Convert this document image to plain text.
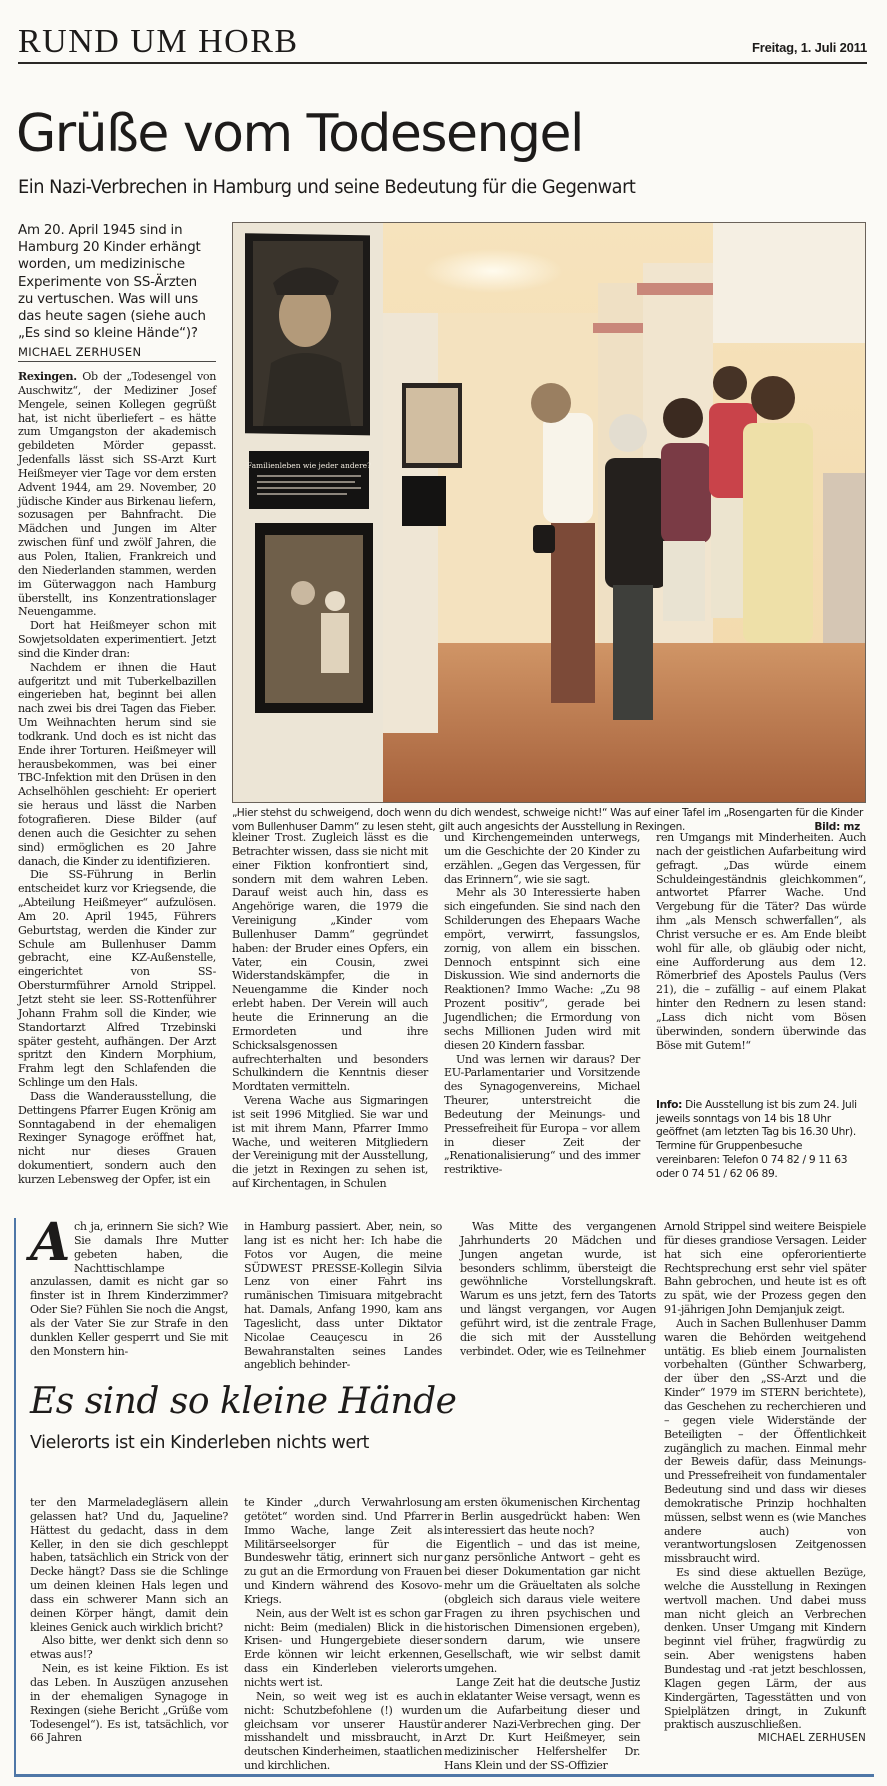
RUND UM HORB	Freitag, 1. Juli 2011
Grüße vom Todesengel
Ein Nazi-Verbrechen in Hamburg und seine Bedeutung für die Gegenwart
Am 20. April 1945 sind in Hamburg 20 Kinder erhängt worden, um medizinische Experimente von SS-Ärzten zu vertuschen. Was will uns das heute sagen (siehe auch „Es sind so kleine Hände“)?
MICHAEL ZERHUSEN

Rexingen. Ob der „Todesengel von Auschwitz“, der Mediziner Josef Mengele, seinen Kollegen gegrüßt hat, ist nicht überliefert – es hätte zum Umgangston der akademisch gebildeten Mörder gepasst. Jedenfalls lässt sich SS-Arzt Kurt Heißmeyer vier Tage vor dem ersten Advent 1944, am 29. November, 20 jüdische Kinder aus Birkenau liefern, sozusagen per Bahnfracht. Die Mädchen und Jungen im Alter zwischen fünf und zwölf Jahren, die aus Polen, Italien, Frankreich und den Niederlanden stammen, werden im Güterwaggon nach Hamburg überstellt, ins Konzentrationslager Neuengamme.

Dort hat Heißmeyer schon mit Sowjetsoldaten experimentiert. Jetzt sind die Kinder dran:

Nachdem er ihnen die Haut aufgeritzt und mit Tuberkelbazillen eingerieben hat, beginnt bei allen nach zwei bis drei Tagen das Fieber. Um Weihnachten herum sind sie todkrank. Und doch es ist nicht das Ende ihrer Torturen. Heißmeyer will herausbekommen, was bei einer TBC-Infektion mit den Drüsen in den Achselhöhlen geschieht: Er operiert sie heraus und lässt die Narben fotografieren. Diese Bilder (auf denen auch die Gesichter zu sehen sind) ermöglichen es 20 Jahre danach, die Kinder zu identifizieren.

Die SS-Führung in Berlin entscheidet kurz vor Kriegsende, die „Abteilung Heißmeyer“ aufzulösen. Am 20. April 1945, Führers Geburtstag, werden die Kinder zur Schule am Bullenhuser Damm gebracht, eine KZ-Außenstelle, eingerichtet von SS-Obersturmführer Arnold Strippel. Jetzt steht sie leer. SS-Rottenführer Johann Frahm soll die Kinder, wie Standortarzt Alfred Trzebinski später gesteht, aufhängen. Der Arzt spritzt den Kindern Morphium, Frahm legt den Schlafenden die Schlinge um den Hals.

Dass die Wanderausstellung, die Dettingens Pfarrer Eugen Krönig am Sonntagabend in der ehemaligen Rexinger Synagoge eröffnet hat, nicht nur dieses Grauen dokumentiert, sondern auch den kurzen Lebensweg der Opfer, ist ein

Familienleben wie jeder andere?
„Hier stehst du schweigend, doch wenn du dich wendest, schweige nicht!“ Was auf einer Tafel im „Rosengarten für die Kinder vom Bullenhuser Damm“ zu lesen steht, gilt auch angesichts der Ausstellung in Rexingen.	Bild: mz

kleiner Trost. Zugleich lässt es die Betrachter wissen, dass sie nicht mit einer Fiktion konfrontiert sind, sondern mit dem wahren Leben. Darauf weist auch hin, dass es Angehörige waren, die 1979 die Vereinigung „Kinder vom Bullenhuser Damm“ gegründet haben: der Bruder eines Opfers, ein Vater, ein Cousin, zwei Widerstandskämpfer, die in Neuengamme die Kinder noch erlebt haben. Der Verein will auch heute die Erinnerung an die Ermordeten und ihre Schicksalsgenossen aufrechterhalten und besonders Schulkindern die Kenntnis dieser Mordtaten vermitteln.

Verena Wache aus Sigmaringen ist seit 1996 Mitglied. Sie war und ist mit ihrem Mann, Pfarrer Immo Wache, und weiteren Mitgliedern der Vereinigung mit der Ausstellung, die jetzt in Rexingen zu sehen ist, auf Kirchentagen, in Schulen

und Kirchengemeinden unterwegs, um die Geschichte der 20 Kinder zu erzählen. „Gegen das Vergessen, für das Erinnern“, wie sie sagt.

Mehr als 30 Interessierte haben sich eingefunden. Sie sind nach den Schilderungen des Ehepaars Wache empört, verwirrt, fassungslos, zornig, von allem ein bisschen. Dennoch entspinnt sich eine Diskussion. Wie sind andernorts die Reaktionen? Immo Wache: „Zu 98 Prozent positiv“, gerade bei Jugendlichen; die Ermordung von sechs Millionen Juden wird mit diesen 20 Kindern fassbar.

Und was lernen wir daraus? Der EU-Parlamentarier und Vorsitzende des Synagogenvereins, Michael Theurer, unterstreicht die Bedeutung der Meinungs- und Pressefreiheit für Europa – vor allem in dieser Zeit der „Renationalisierung“ und des immer restriktive-

ren Umgangs mit Minderheiten. Auch nach der geistlichen Aufarbeitung wird gefragt. „Das würde einem Schuldeingeständnis gleichkommen“, antwortet Pfarrer Wache. Und Vergebung für die Täter? Das würde ihm „als Mensch schwerfallen“, als Christ versuche er es. Am Ende bleibt wohl für alle, ob gläubig oder nicht, eine Aufforderung aus dem 12. Römerbrief des Apostels Paulus (Vers 21), die – zufällig – auf einem Plakat hinter den Rednern zu lesen stand: „Lass dich nicht vom Bösen überwinden, sondern überwinde das Böse mit Gutem!“

Info: Die Ausstellung ist bis zum 24. Juli jeweils sonntags von 14 bis 18 Uhr geöffnet (am letzten Tag bis 16.30 Uhr). Termine für Gruppenbesuche vereinbaren: Telefon 0 74 82 / 9 11 63 oder 0 74 51 / 62 06 89.

Ach ja, erinnern Sie sich? Wie Sie damals Ihre Mutter gebeten haben, die Nachttischlampe anzulassen, damit es nicht gar so finster ist in Ihrem Kinderzimmer? Oder Sie? Fühlen Sie noch die Angst, als der Vater Sie zur Strafe in den dunklen Keller gesperrt und Sie mit den Monstern hin-

in Hamburg passiert. Aber, nein, so lang ist es nicht her: Ich habe die Fotos vor Augen, die meine SÜDWEST PRESSE-Kollegin Silvia Lenz von einer Fahrt ins rumänischen Timisuara mitgebracht hat. Damals, Anfang 1990, kam ans Tageslicht, dass unter Diktator Nicolae Ceauçescu in 26 Bewahranstalten seines Landes angeblich behinder-

Was Mitte des vergangenen Jahrhunderts 20 Mädchen und Jungen angetan wurde, ist besonders schlimm, übersteigt die gewöhnliche Vorstellungskraft. Warum es uns jetzt, fern des Tatorts und längst vergangen, vor Augen geführt wird, ist die zentrale Frage, die sich mit der Ausstellung verbindet. Oder, wie es Teilnehmer

Arnold Strippel sind weitere Beispiele für dieses grandiose Versagen. Leider hat sich eine opferorientierte Rechtsprechung erst sehr viel später Bahn gebrochen, und heute ist es oft zu spät, wie der Prozess gegen den 91-jährigen John Demjanjuk zeigt.

Auch in Sachen Bullenhuser Damm waren die Behörden weitgehend untätig. Es blieb einem Journalisten vorbehalten (Günther Schwarberg, der über den „SS-Arzt und die Kinder“ 1979 im STERN berichtete), das Geschehen zu recherchieren und – gegen viele Widerstände der Beteiligten – der Öffentlichkeit zugänglich zu machen. Einmal mehr der Beweis dafür, dass Meinungs- und Pressefreiheit von fundamentaler Bedeutung sind und dass wir dieses demokratische Prinzip hochhalten müssen, selbst wenn es (wie Manches andere auch) von verantwortungslosen Zeitgenossen missbraucht wird.

Es sind diese aktuellen Bezüge, welche die Ausstellung in Rexingen wertvoll machen. Und dabei muss man nicht gleich an Verbrechen denken. Unser Umgang mit Kindern beginnt viel früher, fragwürdig zu sein. Aber wenigstens haben Bundestag und -rat jetzt beschlossen, Klagen gegen Lärm, der aus Kindergärten, Tagesstätten und von Spielplätzen dringt, in Zukunft praktisch auszuschließen.
MICHAEL ZERHUSEN

Es sind so kleine Hände
Vielerorts ist ein Kinderleben nichts wert

ter den Marmeladegläsern allein gelassen hat? Und du, Jaqueline? Hättest du gedacht, dass in dem Keller, in den sie dich geschleppt haben, tatsächlich ein Strick von der Decke hängt? Dass sie die Schlinge um deinen kleinen Hals legen und dass ein schwerer Mann sich an deinen Körper hängt, damit dein kleines Genick auch wirklich bricht?

Also bitte, wer denkt sich denn so etwas aus!?

Nein, es ist keine Fiktion. Es ist das Leben. In Auszügen anzusehen in der ehemaligen Synagoge in Rexingen (siehe Bericht „Grüße vom Todesengel“). Es ist, tatsächlich, vor 66 Jahren

te Kinder „durch Verwahrlosung getötet“ worden sind. Und Pfarrer Immo Wache, lange Zeit als Militärseelsorger für die Bundeswehr tätig, erinnert sich nur zu gut an die Ermordung von Frauen und Kindern während des Kosovo-Kriegs.

Nein, aus der Welt ist es schon gar nicht: Beim (medialen) Blick in die Krisen- und Hungergebiete dieser Erde können wir leicht erkennen, dass ein Kinderleben vielerorts nichts wert ist.

Nein, so weit weg ist es auch nicht: Schutzbefohlene (!) wurden gleichsam vor unserer Haustür misshandelt und missbraucht, in deutschen Kinderheimen, staatlichen und kirchlichen.

am ersten ökumenischen Kirchentag in Berlin ausgedrückt haben: Wen interessiert das heute noch?

Eigentlich – und das ist meine, ganz persönliche Antwort – geht es bei dieser Dokumentation gar nicht mehr um die Gräueltaten als solche (obgleich sich daraus viele weitere Fragen zu ihren psychischen und historischen Dimensionen ergeben), sondern darum, wie unsere Gesellschaft, wie wir selbst damit umgehen.

Lange Zeit hat die deutsche Justiz in eklatanter Weise versagt, wenn es um die Aufarbeitung dieser und anderer Nazi-Verbrechen ging. Der Arzt Dr. Kurt Heißmeyer, sein medizinischer Helfershelfer Dr. Hans Klein und der SS-Offizier
